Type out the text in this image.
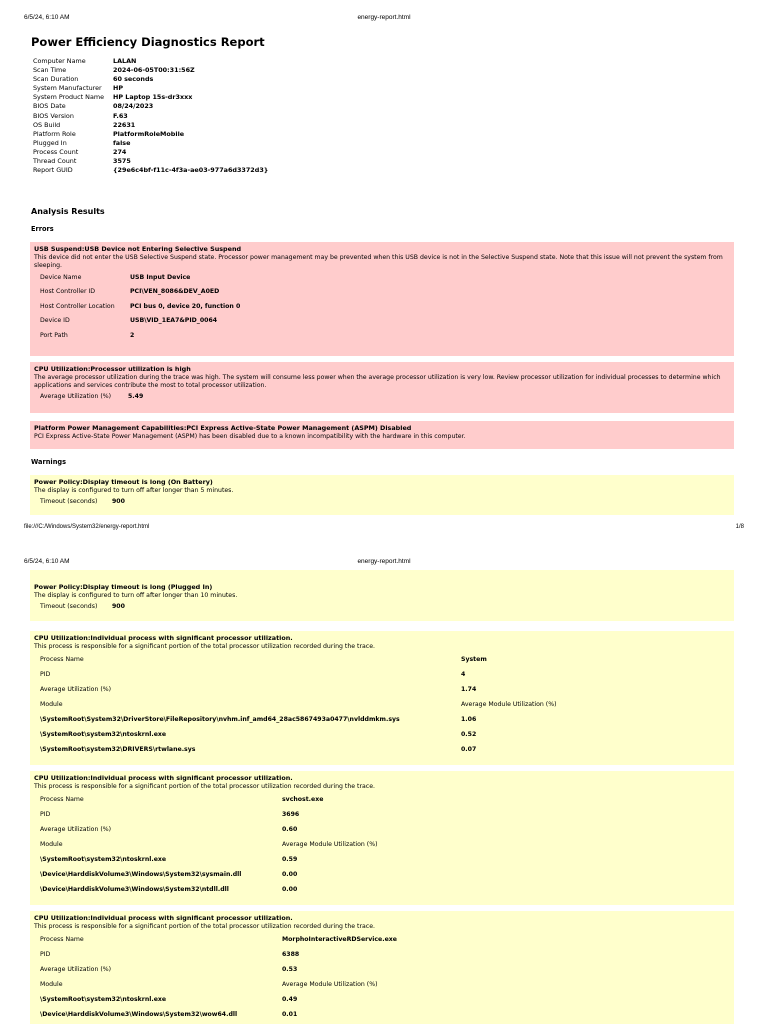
6/5/24, 6:10 AM	energy-report.html
Power Efficiency Diagnostics Report
Computer Name	LALAN
Scan Time	2024-06-05T00:31:56Z
Scan Duration	60 seconds
System Manufacturer	HP
System Product Name	HP Laptop 15s-dr3xxx
BIOS Date	08/24/2023
BIOS Version	F.63
OS Build	22631
Platform Role	PlatformRoleMobile
Plugged In	false
Process Count	274
Thread Count	3575
Report GUID	{29e6c4bf-f11c-4f3a-ae03-977a6d3372d3}
Analysis Results
Errors
USB Suspend:USB Device not Entering Selective Suspend
This device did not enter the USB Selective Suspend state. Processor power management may be prevented when this USB device is not in the Selective Suspend state. Note that this issue will not prevent the system from sleeping.
Device Name	USB Input Device
Host Controller ID	PCI\VEN_8086&DEV_A0ED
Host Controller Location	PCI bus 0, device 20, function 0
Device ID	USB\VID_1EA7&PID_0064
Port Path	2
CPU Utilization:Processor utilization is high
The average processor utilization during the trace was high. The system will consume less power when the average processor utilization is very low. Review processor utilization for individual processes to determine which applications and services contribute the most to total processor utilization.
Average Utilization (%)	5.49
Platform Power Management Capabilities:PCI Express Active-State Power Management (ASPM) Disabled
PCI Express Active-State Power Management (ASPM) has been disabled due to a known incompatibility with the hardware in this computer.
Warnings
Power Policy:Display timeout is long (On Battery)
The display is configured to turn off after longer than 5 minutes.
Timeout (seconds)	900
file:///C:/Windows/System32/energy-report.html	1/8
6/5/24, 6:10 AM	energy-report.html
Power Policy:Display timeout is long (Plugged In)
The display is configured to turn off after longer than 10 minutes.
Timeout (seconds)	900
CPU Utilization:Individual process with significant processor utilization.
This process is responsible for a significant portion of the total processor utilization recorded during the trace.
Process Name	System
PID	4
Average Utilization (%)	1.74
Module	Average Module Utilization (%)
\SystemRoot\System32\DriverStore\FileRepository\nvhm.inf_amd64_28ac5867493a0477\nvlddmkm.sys	1.06
\SystemRoot\system32\ntoskrnl.exe	0.52
\SystemRoot\system32\DRIVERS\rtwlane.sys	0.07
CPU Utilization:Individual process with significant processor utilization.
This process is responsible for a significant portion of the total processor utilization recorded during the trace.
Process Name	svchost.exe
PID	3696
Average Utilization (%)	0.60
Module	Average Module Utilization (%)
\SystemRoot\system32\ntoskrnl.exe	0.59
\Device\HarddiskVolume3\Windows\System32\sysmain.dll	0.00
\Device\HarddiskVolume3\Windows\System32\ntdll.dll	0.00
CPU Utilization:Individual process with significant processor utilization.
This process is responsible for a significant portion of the total processor utilization recorded during the trace.
Process Name	MorphoInteractiveRDService.exe
PID	6388
Average Utilization (%)	0.53
Module	Average Module Utilization (%)
\SystemRoot\system32\ntoskrnl.exe	0.49
\Device\HarddiskVolume3\Windows\System32\wow64.dll	0.01
